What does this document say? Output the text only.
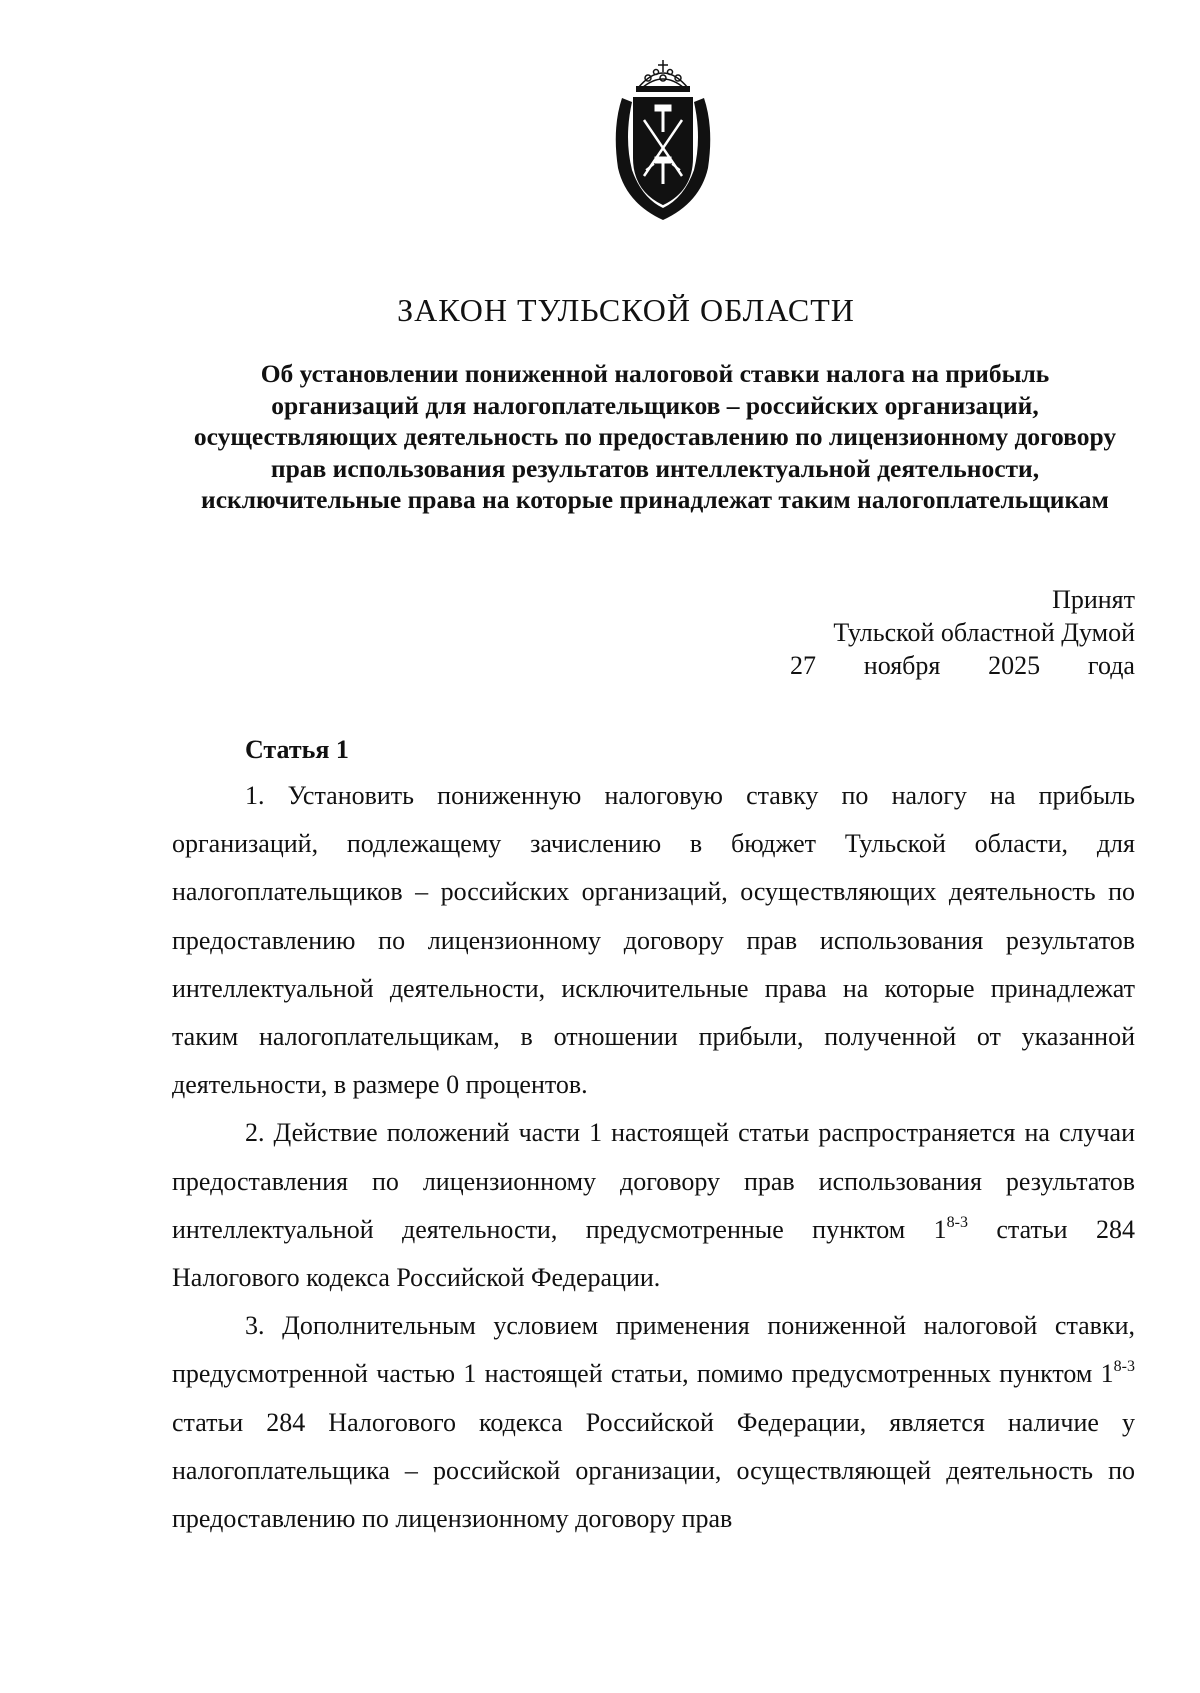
ЗАКОН ТУЛЬСКОЙ ОБЛАСТИ
Об установлении пониженной налоговой ставки налога на прибыль организаций для налогоплательщиков – российских организаций, осуществляющих деятельность по предоставлению по лицензионному договору прав использования результатов интеллектуальной деятельности, исключительные права на которые принадлежат таким налогоплательщикам
Принят
Тульской областной Думой
27 ноября 2025 года
Статья 1

1. Установить пониженную налоговую ставку по налогу на прибыль организаций, подлежащему зачислению в бюджет Тульской области, для налогоплательщиков – российских организаций, осуществляющих деятельность по предоставлению по лицензионному договору прав использования результатов интеллектуальной деятельности, исключительные права на которые принадлежат таким налогоплательщикам, в отношении прибыли, полученной от указанной деятельности, в размере 0 процентов.

2. Действие положений части 1 настоящей статьи распространяется на случаи предоставления по лицензионному договору прав использования результатов интеллектуальной деятельности, предусмотренные пунктом 1$^{8-3}$ статьи 284 Налогового кодекса Российской Федерации.

3. Дополнительным условием применения пониженной налоговой ставки, предусмотренной частью 1 настоящей статьи, помимо предусмотренных пунктом 1$^{8-3}$ статьи 284 Налогового кодекса Российской Федерации, является наличие у налогоплательщика – российской организации, осуществляющей деятельность по предоставлению по лицензионному договору прав
